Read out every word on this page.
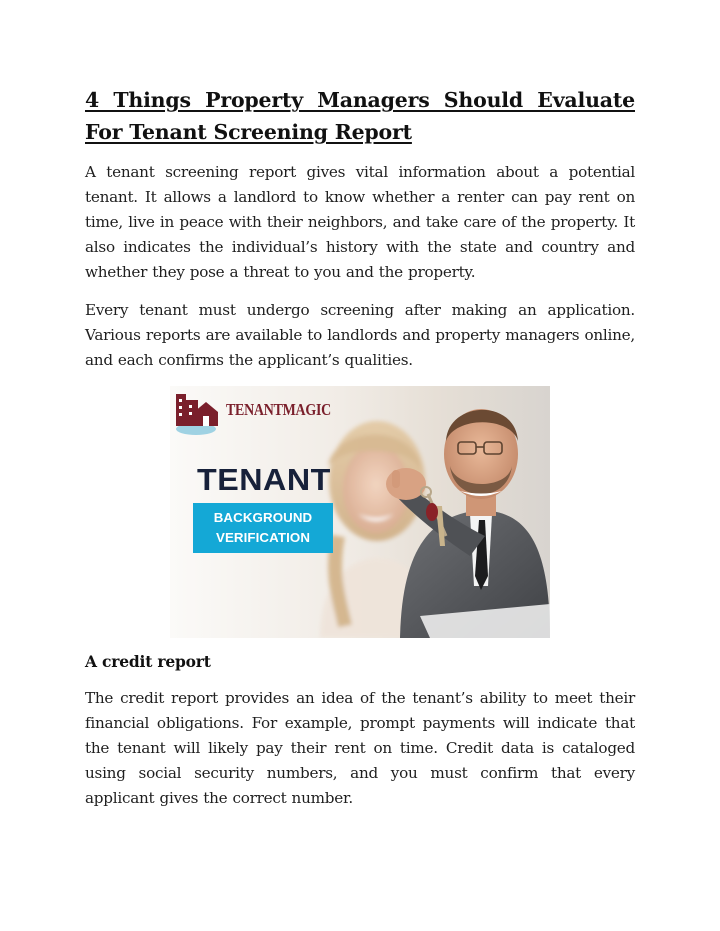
4 Things Property Managers Should Evaluate For Tenant Screening Report

A tenant screening report gives vital information about a potential tenant. It allows a landlord to know whether a renter can pay rent on time, live in peace with their neighbors, and take care of the property. It also indicates the individual’s history with the state and country and whether they pose a threat to you and the property.

Every tenant must undergo screening after making an application. Various reports are available to landlords and property managers online, and each confirms the applicant’s qualities.

TENANTMAGIC
TENANT
BACKGROUND
VERIFICATION
A credit report

The credit report provides an idea of the tenant’s ability to meet their financial obligations. For example, prompt payments will indicate that the tenant will likely pay their rent on time. Credit data is cataloged using social security numbers, and you must confirm that every applicant gives the correct number.
